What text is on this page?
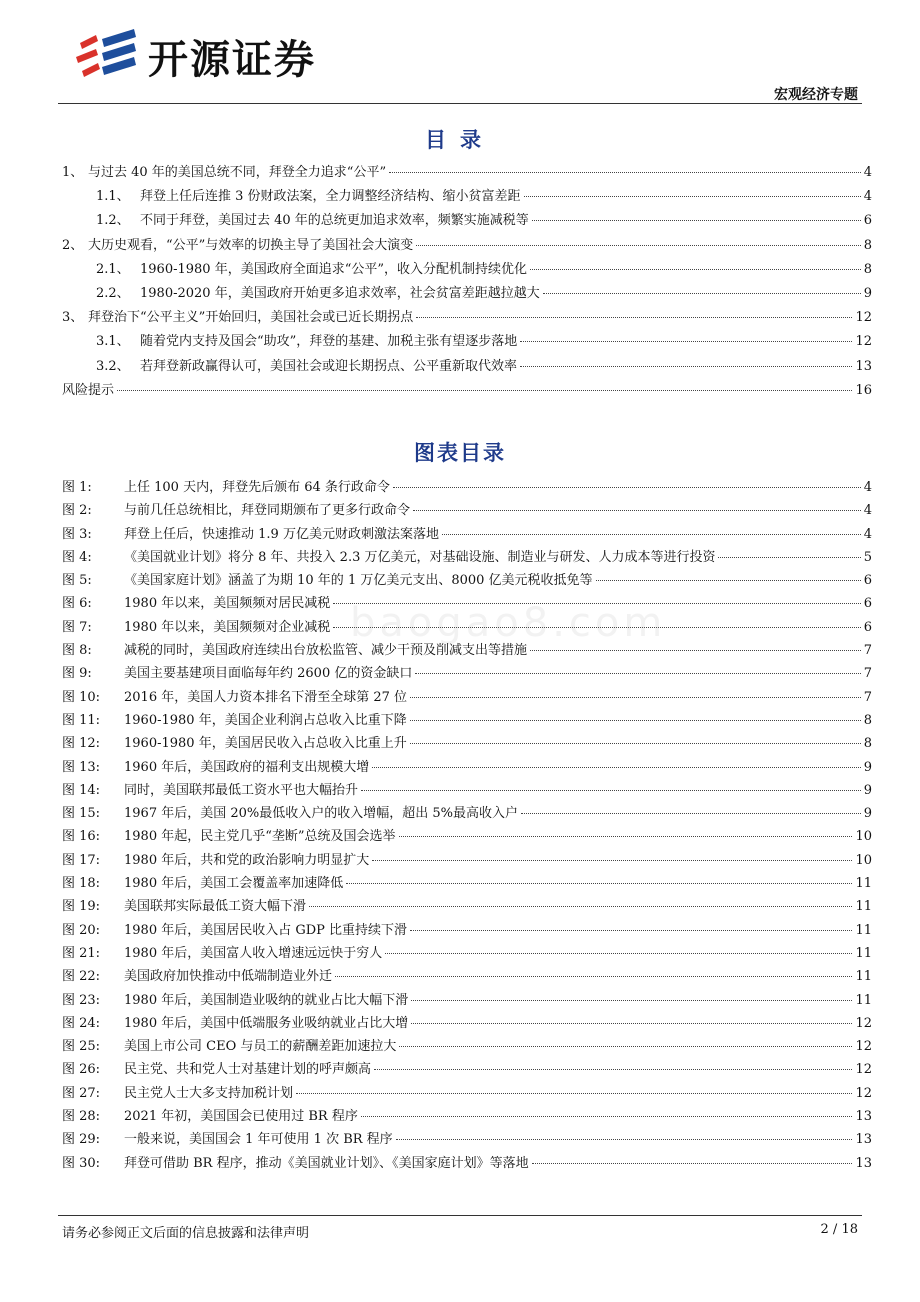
开源证券
宏观经济专题
目录
1、 与过去 40 年的美国总统不同，拜登全力追求“公平”	4
1.1、 拜登上任后连推 3 份财政法案，全力调整经济结构、缩小贫富差距	4
1.2、 不同于拜登，美国过去 40 年的总统更加追求效率，频繁实施减税等	6
2、 大历史观看，“公平”与效率的切换主导了美国社会大演变	8
2.1、 1960-1980 年，美国政府全面追求“公平”，收入分配机制持续优化	8
2.2、 1980-2020 年，美国政府开始更多追求效率，社会贫富差距越拉越大	9
3、 拜登治下“公平主义”开始回归，美国社会或已近长期拐点	12
3.1、 随着党内支持及国会“助攻”，拜登的基建、加税主张有望逐步落地	12
3.2、 若拜登新政赢得认可，美国社会或迎长期拐点、公平重新取代效率	13
风险提示	16
图表目录
图 1:	上任 100 天内，拜登先后颁布 64 条行政命令	4
图 2:	与前几任总统相比，拜登同期颁布了更多行政命令	4
图 3:	拜登上任后，快速推动 1.9 万亿美元财政刺激法案落地	4
图 4:	《美国就业计划》将分 8 年、共投入 2.3 万亿美元，对基础设施、制造业与研发、人力成本等进行投资	5
图 5:	《美国家庭计划》涵盖了为期 10 年的 1 万亿美元支出、8000 亿美元税收抵免等	6
图 6:	1980 年以来，美国频频对居民减税	6
图 7:	1980 年以来，美国频频对企业减税	6
图 8:	减税的同时，美国政府连续出台放松监管、减少干预及削减支出等措施	7
图 9:	美国主要基建项目面临每年约 2600 亿的资金缺口	7
图 10:	2016 年，美国人力资本排名下滑至全球第 27 位	7
图 11:	1960-1980 年，美国企业利润占总收入比重下降	8
图 12:	1960-1980 年，美国居民收入占总收入比重上升	8
图 13:	1960 年后，美国政府的福利支出规模大增	9
图 14:	同时，美国联邦最低工资水平也大幅抬升	9
图 15:	1967 年后，美国 20%最低收入户的收入增幅，超出 5%最高收入户	9
图 16:	1980 年起，民主党几乎“垄断”总统及国会选举	10
图 17:	1980 年后，共和党的政治影响力明显扩大	10
图 18:	1980 年后，美国工会覆盖率加速降低	11
图 19:	美国联邦实际最低工资大幅下滑	11
图 20:	1980 年后，美国居民收入占 GDP 比重持续下滑	11
图 21:	1980 年后，美国富人收入增速远远快于穷人	11
图 22:	美国政府加快推动中低端制造业外迁	11
图 23:	1980 年后，美国制造业吸纳的就业占比大幅下滑	11
图 24:	1980 年后，美国中低端服务业吸纳就业占比大增	12
图 25:	美国上市公司 CEO 与员工的薪酬差距加速拉大	12
图 26:	民主党、共和党人士对基建计划的呼声颇高	12
图 27:	民主党人士大多支持加税计划	12
图 28:	2021 年初，美国国会已使用过 BR 程序	13
图 29:	一般来说，美国国会 1 年可使用 1 次 BR 程序	13
图 30:	拜登可借助 BR 程序，推动《美国就业计划》、《美国家庭计划》等落地	13
baogao8.com
请务必参阅正文后面的信息披露和法律声明	2 / 18
